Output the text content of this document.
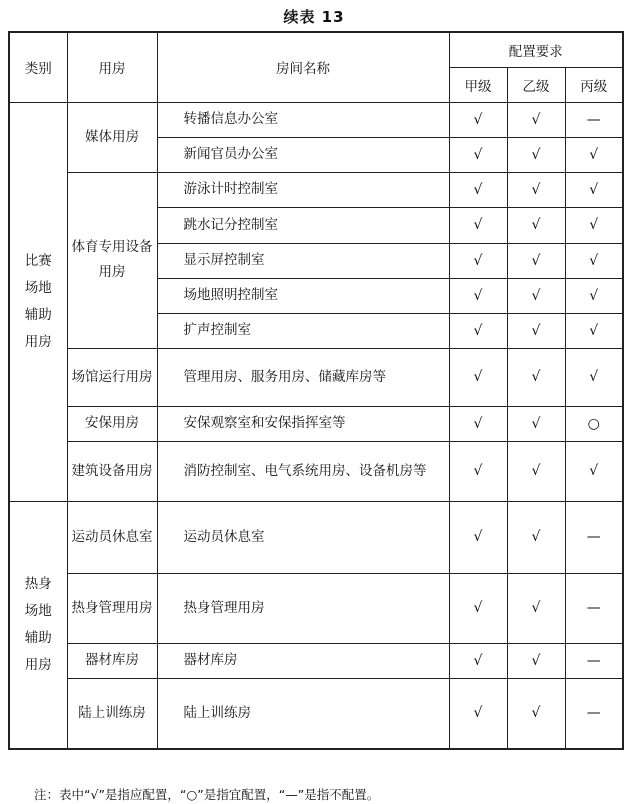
续表 13
类别	用房	房间名称	配置要求		
			甲级	乙级	丙级

比赛
场地
辅助
用房	媒体用房	转播信息办公室	√	√	—
		新闻官员办公室	√	√	√
	体育专用设备用房	游泳计时控制室	√	√	√
		跳水记分控制室	√	√	√
		显示屏控制室	√	√	√
		场地照明控制室	√	√	√
		扩声控制室	√	√	√
	场馆运行用房	管理用房、服务用房、储藏库房等	√	√	√
	安保用房	安保观察室和安保指挥室等	√	√	○
	建筑设备用房	消防控制室、电气系统用房、设备机房等	√	√	√

热身
场地
辅助
用房	运动员休息室	运动员休息室	√	√	—
	热身管理用房	热身管理用房	√	√	—
	器材库房	器材库房	√	√	—
	陆上训练房	陆上训练房	√	√	—
注：表中“√”是指应配置，“○”是指宜配置，“—”是指不配置。
